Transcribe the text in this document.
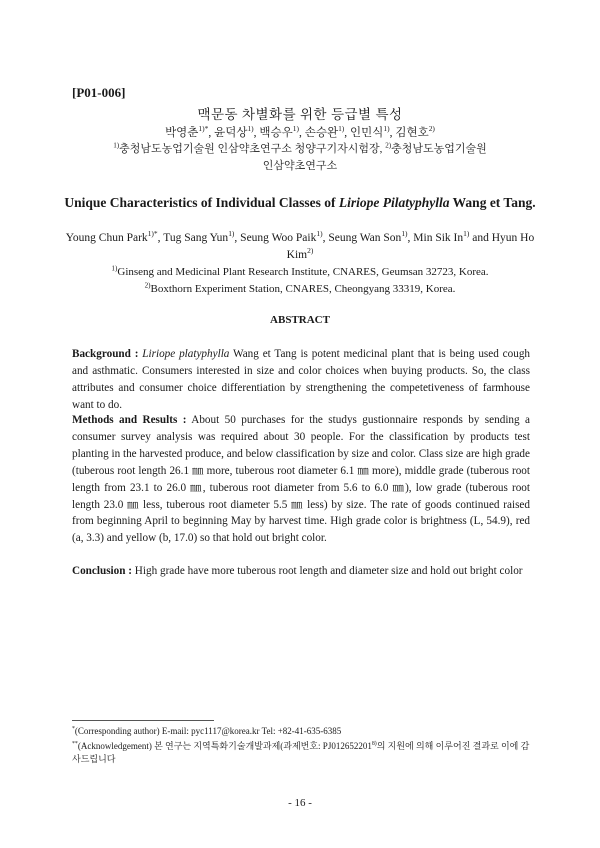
[P01-006]
맥문동 차별화를 위한 등급별 특성
박영춘$^{1)*}$, 윤덕상$^{1)}$, 백승우$^{1)}$, 손승완$^{1)}$, 인민식$^{1)}$, 김현호$^{2)}$
$^{1)}$충청남도농업기술원 인삼약초연구소 청양구기자시험장, $^{2)}$충청남도농업기술원
인삼약초연구소
Unique Characteristics of Individual Classes of Liriope Pilatyphylla Wang et Tang.
Young Chun Park$^{1)*}$, Tug Sang Yun$^{1)}$, Seung Woo Paik$^{1)}$, Seung Wan Son$^{1)}$, Min Sik In$^{1)}$ and Hyun Ho Kim$^{2)}$
$^{1)}$Ginseng and Medicinal Plant Research Institute, CNARES, Geumsan 32723, Korea.
$^{2)}$Boxthorn Experiment Station, CNARES, Cheongyang 33319, Korea.
ABSTRACT
Background : Liriope platyphylla Wang et Tang is potent medicinal plant that is being used cough and asthmatic. Consumers interested in size and color choices when buying products. So, the class attributes and consumer choice differentiation by strengthening the competetiveness of farmhouse want to do.
Methods and Results : About 50 purchases for the studys gustionnaire responds by sending a consumer survey analysis was required about 30 people. For the classification by products test planting in the harvested produce, and below classification by size and color. Class size are high grade (tuberous root length 26.1 ㎜ more, tuberous root diameter 6.1 ㎜ more), middle grade (tuberous root length from 23.1 to 26.0 ㎜, tuberous root diameter from 5.6 to 6.0 ㎜), low grade (tuberous root length 23.0 ㎜ less, tuberous root diameter 5.5 ㎜ less) by size. The rate of goods continued raised from beginning April to beginning May by harvest time. High grade color is brightness (L, 54.9), red (a, 3.3) and yellow (b, 17.0) so that hold out bright color.
Conclusion : High grade have more tuberous root length and diameter size and hold out bright color
*(Corresponding author) E-mail: pyc1117@korea.kr Tel: +82-41-635-6385
**(Acknowledgement) 본 연구는 지역특화기술개발과제(과제번호: PJ012652201$^{8)}$의 지원에 의해 이루어진 결과로 이에 감사드립니다
- 16 -
